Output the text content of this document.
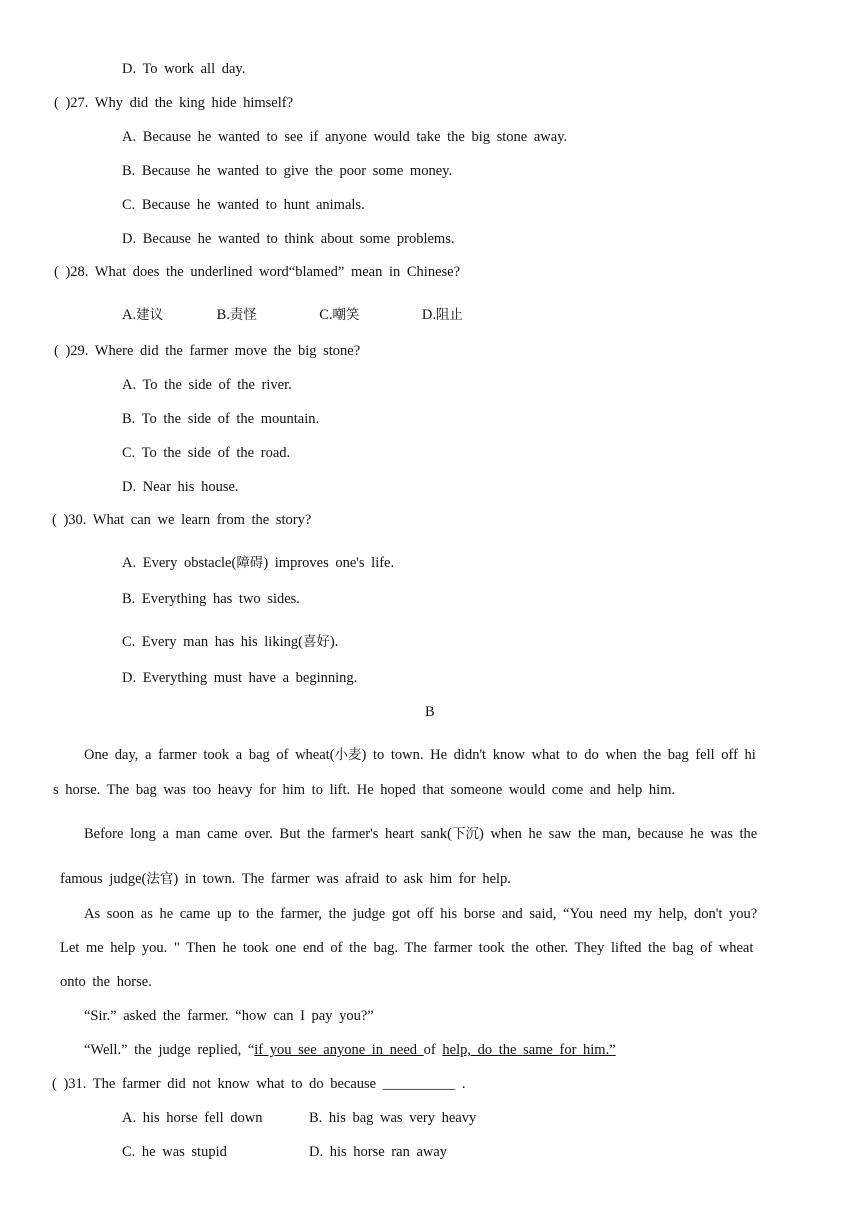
D. To work all day.
( )27. Why did the king hide himself?
A. Because he wanted to see if anyone would take the big stone away.
B. Because he wanted to give the poor some money.
C. Because he wanted to hunt animals.
D. Because he wanted to think about some problems.
( )28. What does the underlined word“blamed” mean in Chinese?
A.建议	B.责怪	C.嘲笑	D.阻止
( )29. Where did the farmer move the big stone?
A. To the side of the river.
B. To the side of the mountain.
C. To the side of the road.
D. Near his house.
( )30. What can we learn from the story?
A. Every obstacle(障碍) improves one's life.
B. Everything has two sides.
C. Every man has his liking(喜好).
D. Everything must have a beginning.
B
One day, a farmer took a bag of wheat(小麦) to town. He didn't know what to do when the bag fell off hi
s horse. The bag was too heavy for him to lift. He hoped that someone would come and help him.
Before long a man came over. But the farmer's heart sank(下沉) when he saw the man, because he was the
famous judge(法官) in town. The farmer was afraid to ask him for help.
As soon as he came up to the farmer, the judge got off his borse and said, “You need my help, don't you?
Let me help you. " Then he took one end of the bag. The farmer took the other. They lifted the bag of wheat
onto the horse.
“Sir.” asked the farmer. “how can I pay you?”
“Well.” the judge replied, “if you see anyone in need of help, do the same for him.”
( )31. The farmer did not know what to do because __________ .
A. his horse fell down	B. his bag was very heavy
C. he was stupid	D. his horse ran away
